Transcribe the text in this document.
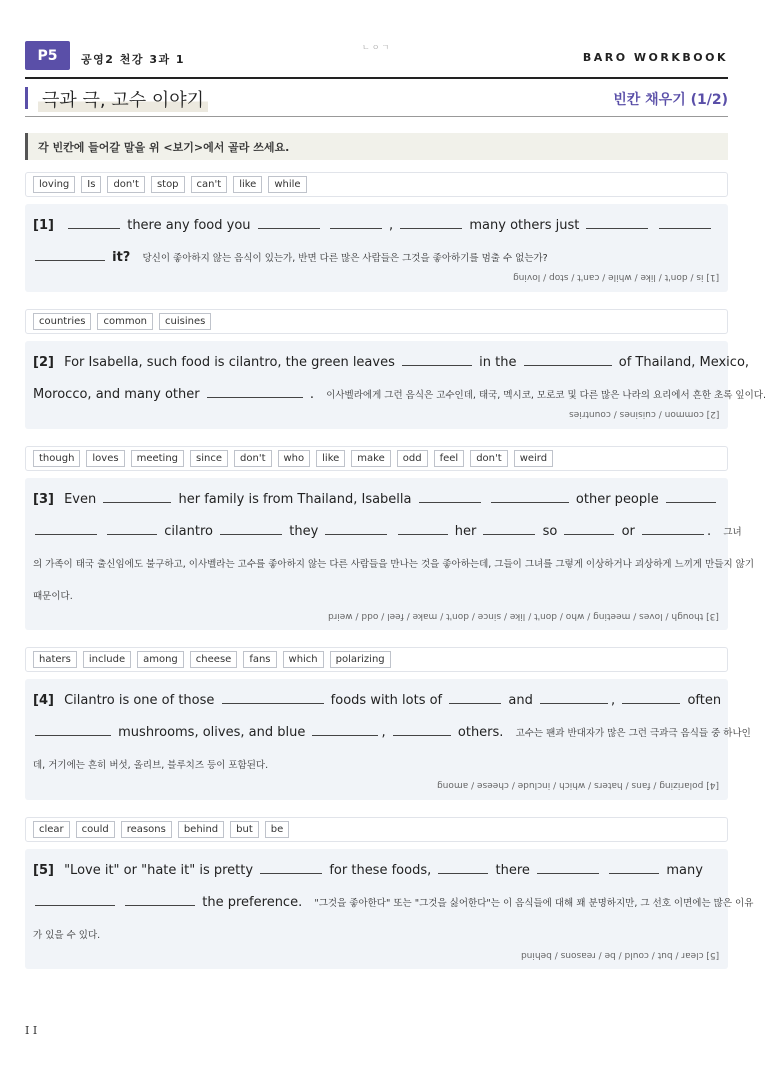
P5	공영2 천강 3과 1	BARO WORKBOOK
ㄴㅇㄱ
극과 극, 고수 이야기	빈칸 채우기 (1/2)
각 빈칸에 들어갈 말을 위 <보기>에서 골라 쓰세요.
loving	Is	don't	stop	can't	like	while
[1]	there any food you	,	many others just
it? 당신이 좋아하지 않는 음식이 있는가, 반면 다른 많은 사람들은 그것을 좋아하기를 멈출 수 없는가?
[1] is / don't / like / while / can't / stop / loving
countries	common	cuisines
[2] For Isabella, such food is cilantro, the green leaves	in the	of Thailand, Mexico,
Morocco, and many other	. 이사벨라에게 그런 음식은 고수인데, 태국, 멕시코, 모로코 및 다른 많은 나라의 요리에서 흔한 초록 잎이다.
[2] common / cuisines / countries
though	loves	meeting	since	don't	who	like	make	odd	feel	don't	weird
[3] Even	her family is from Thailand, Isabella	other people
cilantro	they	her	so	or	. 그녀
의 가족이 태국 출신임에도 불구하고, 이사벨라는 고수를 좋아하지 않는 다른 사람들을 만나는 것을 좋아하는데, 그들이 그녀를 그렇게 이상하거나 괴상하게 느끼게 만들지 않기
때문이다.
[3] though / loves / meeting / who / don't / like / since / don't / make / feel / odd / weird
haters	include	among	cheese	fans	which	polarizing
[4] Cilantro is one of those	foods with lots of	and	,	often
mushrooms, olives, and blue	,	others. 고수는 팬과 반대자가 많은 그런 극과극 음식들 중 하나인
데, 거기에는 흔히 버섯, 올리브, 블루치즈 등이 포함된다.
[4] polarizing / fans / haters / which / include / cheese / among
clear	could	reasons	behind	but	be
[5] "Love it" or "hate it" is pretty	for these foods,	there	many
the preference. "그것을 좋아한다" 또는 "그것을 싫어한다"는 이 음식들에 대해 꽤 분명하지만, 그 선호 이면에는 많은 이유
가 있을 수 있다.
[5] clear / but / could / be / reasons / behind
I I
